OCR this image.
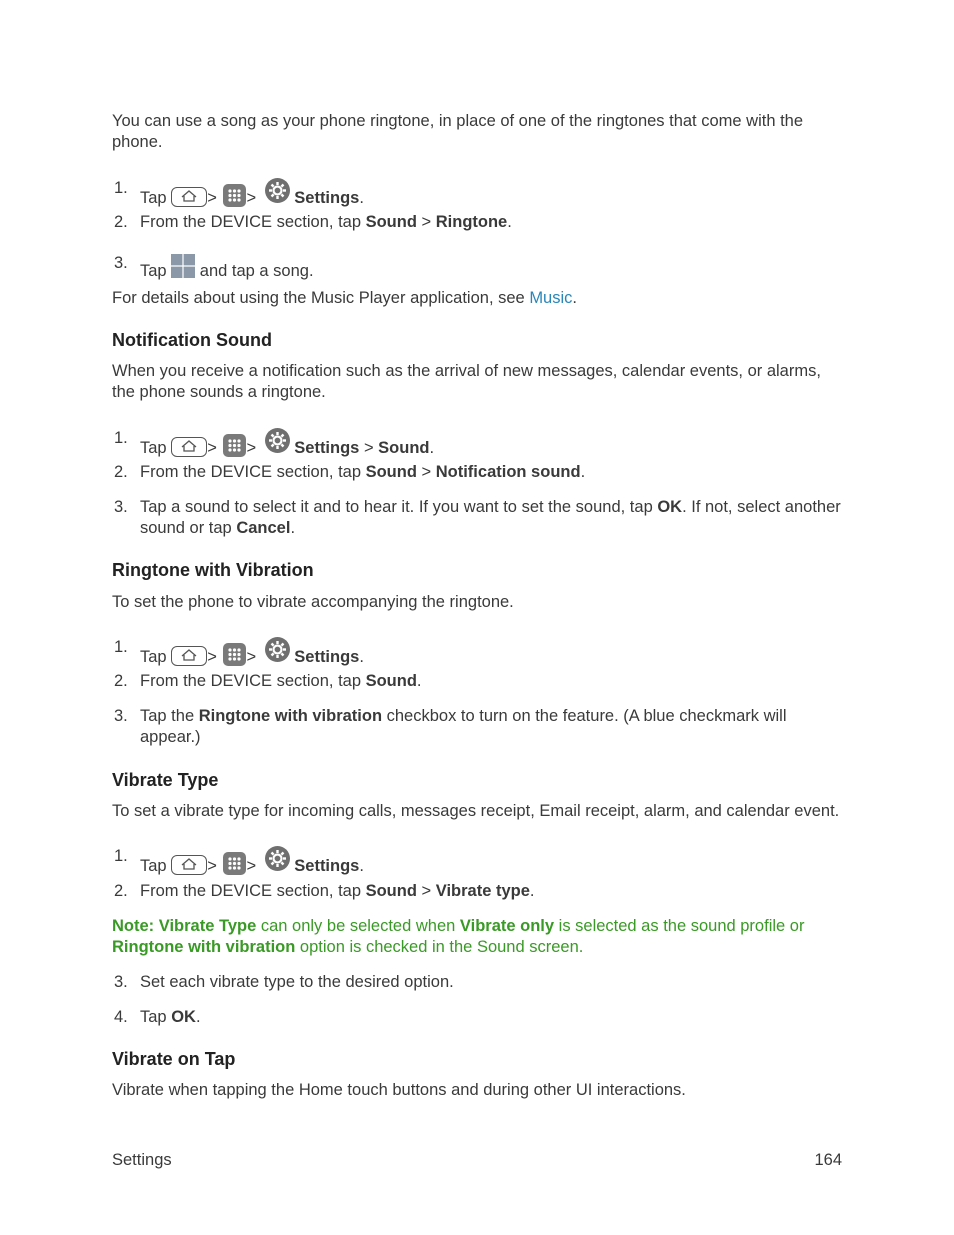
You can use a song as your phone ringtone, in place of one of the ringtones that come with the phone.

1.
Tap > > Settings.
2. From the DEVICE section, tap Sound > Ringtone.
3. Tap
and tap a song.

For details about using the Music Player application, see Music.

Notification Sound

When you receive a notification such as the arrival of new messages, calendar events, or alarms, the phone sounds a ringtone.

1.
Tap > > Settings > Sound.
2. From the DEVICE section, tap Sound > Notification sound.
3. Tap a sound to select it and to hear it. If you want to set the sound, tap OK. If not, select another sound or tap Cancel.
Ringtone with Vibration

To set the phone to vibrate accompanying the ringtone.

1.
Tap > > Settings.
2. From the DEVICE section, tap Sound.
3. Tap the Ringtone with vibration checkbox to turn on the feature. (A blue checkmark will appear.)
Vibrate Type

To set a vibrate type for incoming calls, messages receipt, Email receipt, alarm, and calendar event.

1.
Tap > > Settings.
2. From the DEVICE section, tap Sound > Vibrate type.

Note: Vibrate Type can only be selected when Vibrate only is selected as the sound profile or Ringtone with vibration option is checked in the Sound screen.

3. Set each vibrate type to the desired option.
4. Tap OK.
Vibrate on Tap

Vibrate when tapping the Home touch buttons and during other UI interactions.

Settings	164
